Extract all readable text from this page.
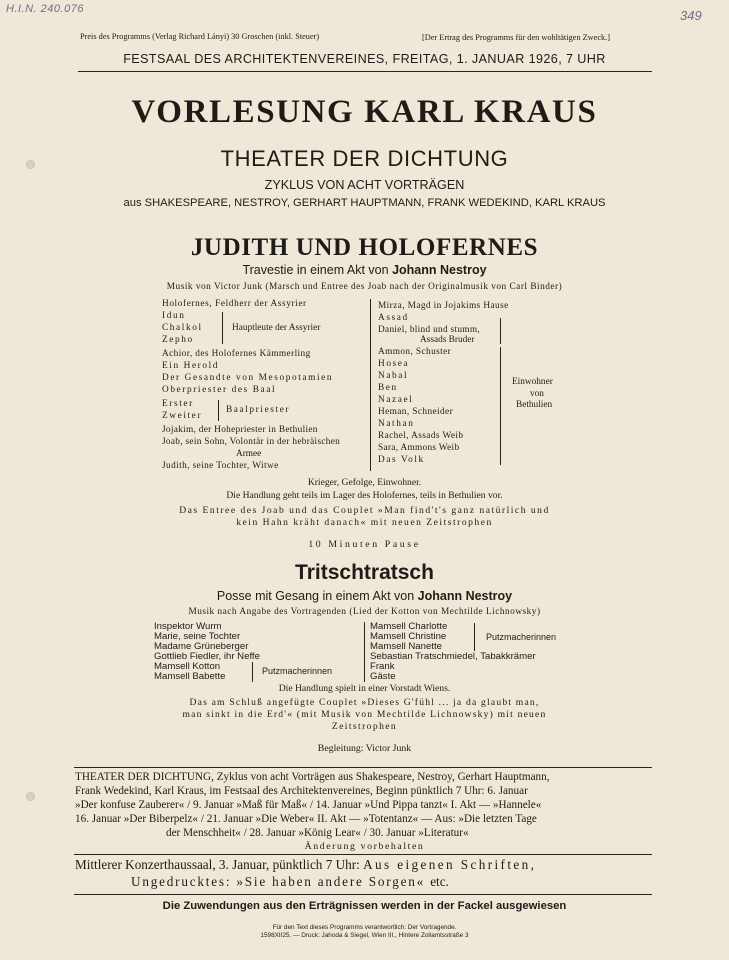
H.I.N. 240.076	349
Preis des Programms (Verlag Richard Lányi) 30 Groschen (inkl. Steuer)	[Der Ertrag des Programms für den wohltätigen Zweck.]
FESTSAAL DES ARCHITEKTENVEREINES, FREITAG, 1. JANUAR 1926, 7 UHR
VORLESUNG KARL KRAUS
THEATER DER DICHTUNG
ZYKLUS VON ACHT VORTRÄGEN
aus SHAKESPEARE, NESTROY, GERHART HAUPTMANN, FRANK WEDEKIND, KARL KRAUS
JUDITH UND HOLOFERNES
Travestie in einem Akt von Johann Nestroy
Musik von Victor Junk (Marsch und Entree des Joab nach der Originalmusik von Carl Binder)
Holofernes, Feldherr der Assyrier
Idun
Chalkol
Zepho
Hauptleute der Assyrier
Achior, des Holofernes Kämmerling
Ein Herold
Der Gesandte von Mesopotamien
Oberpriester des Baal
Erster
Zweiter
Baalpriester
Jojakim, der Hohepriester in Bethulien
Joab, sein Sohn, Volontär in der hebräischen
Armee
Judith, seine Tochter, Witwe
Mirza, Magd in Jojakims Hause
Assad
Daniel, blind und stumm,
Assads Bruder
Ammon, Schuster
Hosea
Nabal
Ben
Nazael
Heman, Schneider
Nathan
Rachel, Assads Weib
Sara, Ammons Weib
Das Volk
Einwohner
von
Bethulien
Krieger, Gefolge, Einwohner.
Die Handlung geht teils im Lager des Holofernes, teils in Bethulien vor.
Das Entree des Joab und das Couplet »Man find't's ganz natürlich und
kein Hahn kräht danach« mit neuen Zeitstrophen
10 Minuten Pause
Tritschtratsch
Posse mit Gesang in einem Akt von Johann Nestroy
Musik nach Angabe des Vortragenden (Lied der Kotton von Mechtilde Lichnowsky)
Inspektor Wurm
Marie, seine Tochter
Madame Grüneberger
Gottlieb Fiedler, ihr Neffe
Mamsell Kotton
Mamsell Babette	Putzmacherinnen
Mamsell Charlotte
Mamsell Christine
Mamsell Nanette
Putzmacherinnen
Sebastian Tratschmiedel, Tabakkrämer
Frank
Gäste
Die Handlung spielt in einer Vorstadt Wiens.
Das am Schluß angefügte Couplet »Dieses G'fühl ... ja da glaubt man,
man sinkt in die Erd'« (mit Musik von Mechtilde Lichnowsky) mit neuen
Zeitstrophen
Begleitung: Victor Junk
THEATER DER DICHTUNG, Zyklus von acht Vorträgen aus Shakespeare, Nestroy, Gerhart Hauptmann,
Frank Wedekind, Karl Kraus, im Festsaal des Architektenvereines, Beginn pünktlich 7 Uhr: 6. Januar
»Der konfuse Zauberer« / 9. Januar »Maß für Maß« / 14. Januar »Und Pippa tanzt« I. Akt — »Hannele«
16. Januar »Der Biberpelz« / 21. Januar »Die Weber« II. Akt — »Totentanz« — Aus: »Die letzten Tage
der Menschheit« / 28. Januar »König Lear« / 30. Januar »Literatur«
Änderung vorbehalten
Mittlerer Konzerthaussaal, 3. Januar, pünktlich 7 Uhr: Aus eigenen Schriften,
Ungedrucktes: »Sie haben andere Sorgen« etc.
Die Zuwendungen aus den Erträgnissen werden in der Fackel ausgewiesen
Für den Text dieses Programms verantwortlich: Der Vortragende.
1598XII25. — Druck: Jahoda & Siegel, Wien III., Hintere Zollamtsstraße 3
